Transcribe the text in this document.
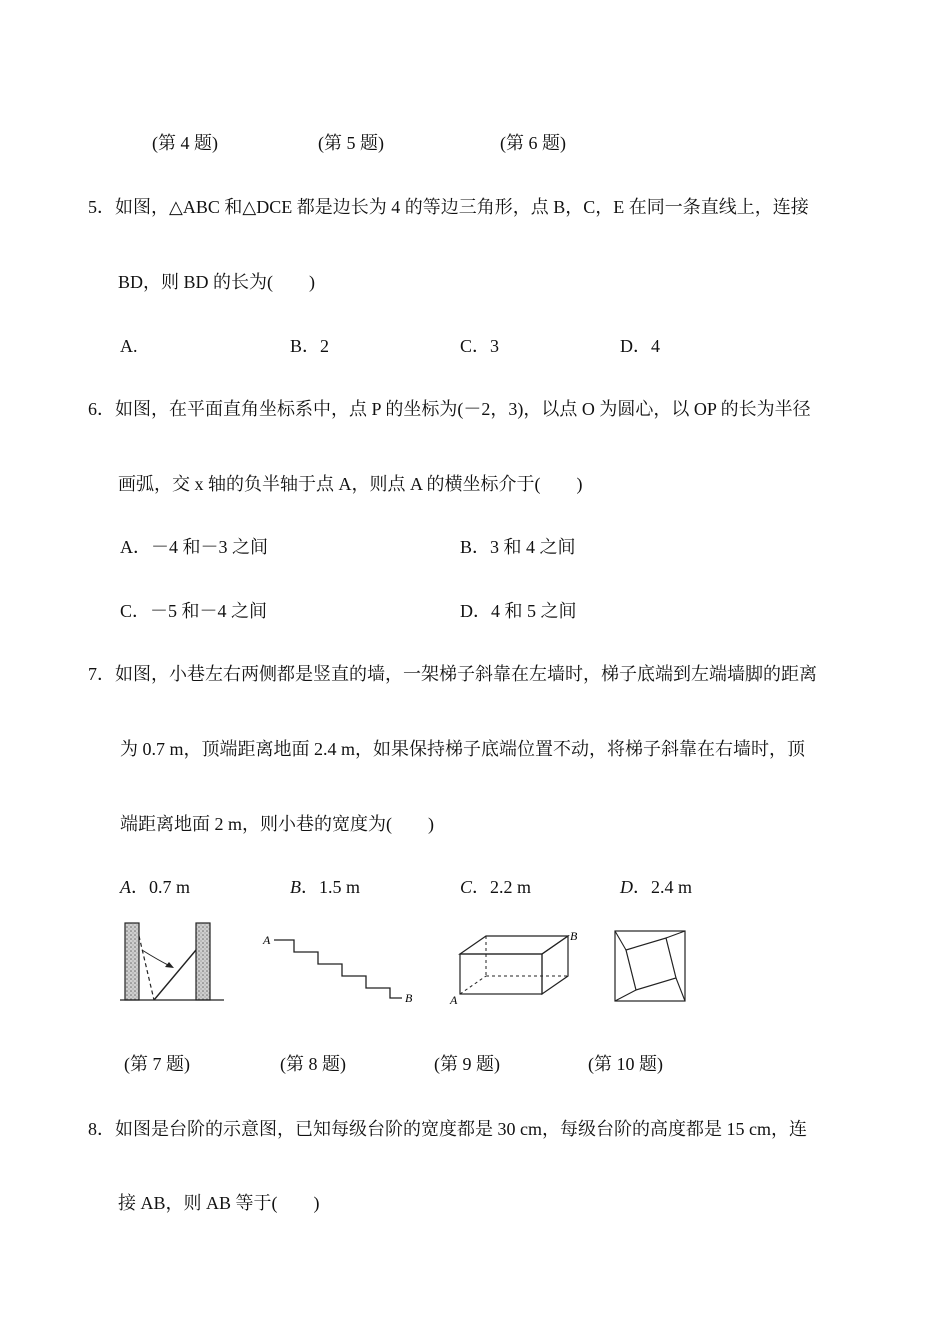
(第 4 题)	(第 5 题)	(第 6 题)
5．如图，△ABC 和△DCE 都是边长为 4 的等边三角形，点 B，C，E 在同一条直线上，连接
BD，则 BD 的长为(　　)
A.	B．2	C．3	D．4
6．如图，在平面直角坐标系中，点 P 的坐标为(－2，3)，以点 O 为圆心，以 OP 的长为半径
画弧，交 x 轴的负半轴于点 A，则点 A 的横坐标介于(　　)
A．－4 和－3 之间	B．3 和 4 之间
C．－5 和－4 之间	D．4 和 5 之间
7．如图，小巷左右两侧都是竖直的墙，一架梯子斜靠在左墙时，梯子底端到左端墙脚的距离
为 0.7 m，顶端距离地面 2.4 m，如果保持梯子底端位置不动，将梯子斜靠在右墙时，顶
端距离地面 2 m，则小巷的宽度为(　　)
A．0.7 m	B．1.5 m	C．2.2 m	D．2.4 m
A
B	A
B
(第 7 题)	(第 8 题)	(第 9 题)	(第 10 题)
8．如图是台阶的示意图，已知每级台阶的宽度都是 30 cm，每级台阶的高度都是 15 cm，连
接 AB，则 AB 等于(　　)
